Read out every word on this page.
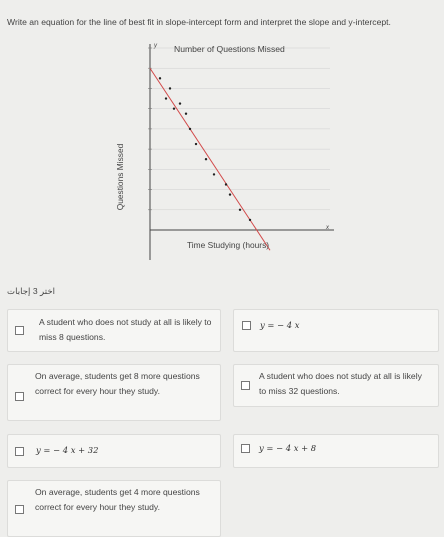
Write an equation for the line of best fit in slope-intercept form and interpret the slope and y-intercept.
Number of Questions Missed
y
x
Questions Missed
Time Studying (hours)
اختر 3 إجابات
A student who does not study at all is likely to miss 8 questions.
y = − 4 x
On average, students get 8 more questions correct for every hour they study.
A student who does not study at all is likely to miss 32 questions.
y = − 4 x + 32	y = − 4 x + 8
On average, students get 4 more questions correct for every hour they study.
